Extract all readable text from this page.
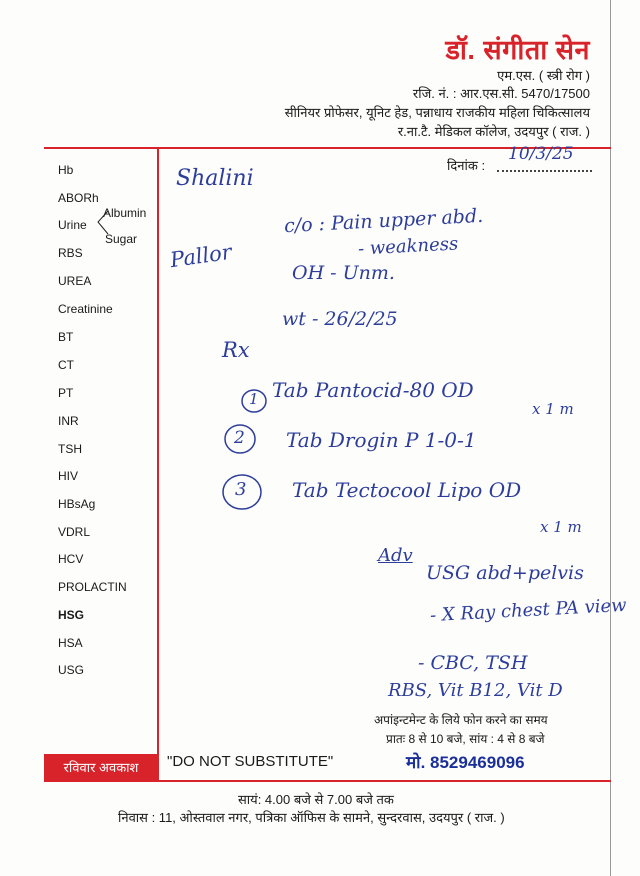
डॉ. संगीता सेन
एम.एस. ( स्त्री रोग )
रजि. नं. : आर.एस.सी. 5470/17500
सीनियर प्रोफेसर, यूनिट हेड, पन्नाधाय राजकीय महिला चिकित्सालय
र.ना.टै. मेडिकल कॉलेज, उदयपुर ( राज. )
दिनांक :
10/3/25
Hb
ABORh
Urine
Albumin
Sugar
RBS
UREA
Creatinine
BT
CT
PT
INR
TSH
HIV
HBsAg
VDRL
HCV
PROLACTIN
HSG
HSA
USG
Shalini
c/o : Pain upper abd.
- weakness
Pallor
OH - Unm.
wt - 26/2/25
Rx
1 Tab Pantocid-80 OD
x 1 m
2 Tab Drogin P 1-0-1
3 Tab Tectocool Lipo OD
x 1 m
Adv
USG abd+pelvis
- X Ray chest PA view
- CBC, TSH
RBS, Vit B12, Vit D
अपांइन्टमेन्ट के लिये फोन करने का समय
प्रातः 8 से 10 बजे, सांय : 4 से 8 बजे
मो. 8529469096
रविवार अवकाश	"DO NOT SUBSTITUTE"
सायं: 4.00 बजे से 7.00 बजे तक
निवास : 11, ओस्तवाल नगर, पत्रिका ऑफिस के सामने, सुन्दरवास, उदयपुर ( राज. )
